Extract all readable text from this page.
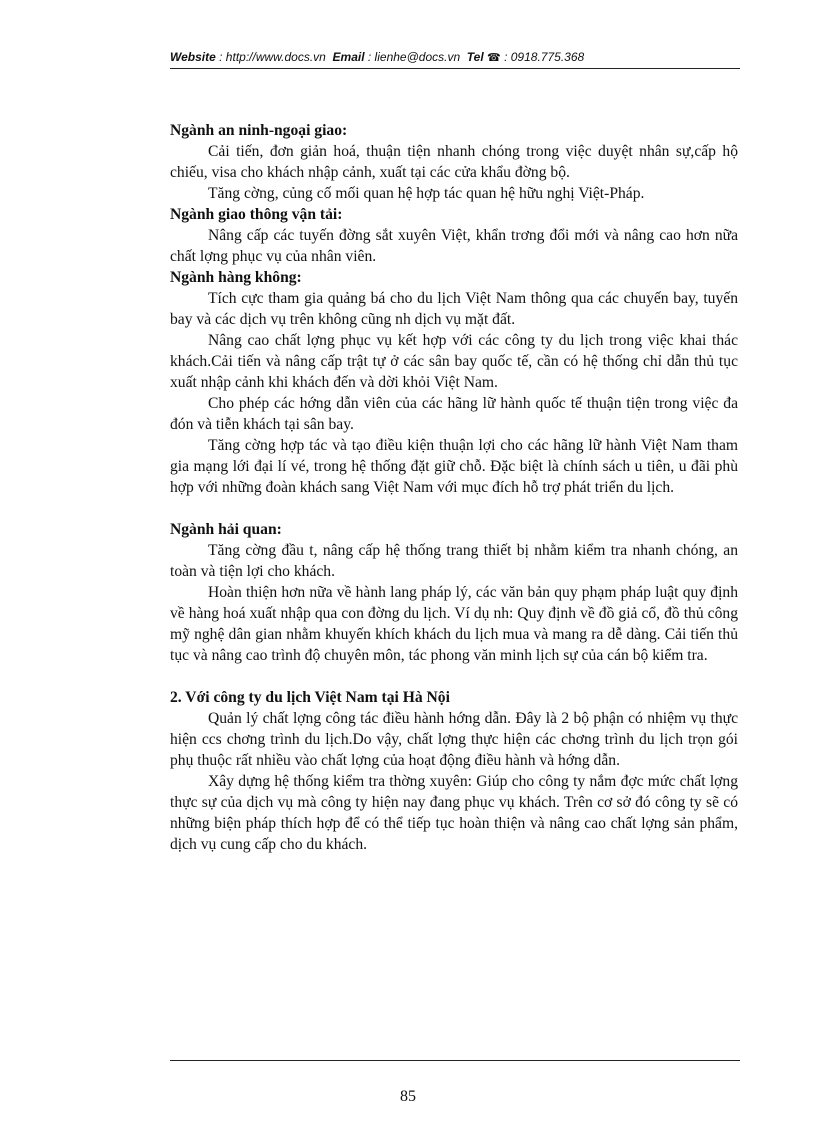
Website : http://www.docs.vn Email : lienhe@docs.vn Tel ☎ : 0918.775.368

Ngành an ninh-ngoại giao:

Cải tiến, đơn giản hoá, thuận tiện nhanh chóng trong việc duyệt nhân sự,cấp hộ chiếu, visa cho khách nhập cảnh, xuất tại các cửa khẩu đờng bộ.

Tăng cờng, củng cố mối quan hệ hợp tác quan hệ hữu nghị Việt-Pháp.

Ngành giao thông vận tải:

Nâng cấp các tuyến đờng sắt xuyên Việt, khẩn trơng đổi mới và nâng cao hơn nữa chất lợng phục vụ của nhân viên.

Ngành hàng không:

Tích cực tham gia quảng bá cho du lịch Việt Nam thông qua các chuyến bay, tuyến bay và các dịch vụ trên không cũng nh dịch vụ mặt đất.

Nâng cao chất lợng phục vụ kết hợp với các công ty du lịch trong việc khai thác khách.Cải tiến và nâng cấp trật tự ở các sân bay quốc tế, cần có hệ thống chỉ dẫn thủ tục xuất nhập cảnh khi khách đến và dời khỏi Việt Nam.

Cho phép các hớng dẫn viên của các hãng lữ hành quốc tế thuận tiện trong việc đa đón và tiễn khách tại sân bay.

Tăng cờng hợp tác và tạo điều kiện thuận lợi cho các hãng lữ hành Việt Nam tham gia mạng lới đại lí vé, trong hệ thống đặt giữ chỗ. Đặc biệt là chính sách u tiên, u đãi phù hợp với những đoàn khách sang Việt Nam với mục đích hỗ trợ phát triển du lịch.

Ngành hải quan:

Tăng cờng đầu t, nâng cấp hệ thống trang thiết bị nhằm kiểm tra nhanh chóng, an toàn và tiện lợi cho khách.

Hoàn thiện hơn nữa về hành lang pháp lý, các văn bản quy phạm pháp luật quy định về hàng hoá xuất nhập qua con đờng du lịch. Ví dụ nh: Quy định về đồ giả cổ, đồ thủ công mỹ nghệ dân gian nhằm khuyến khích khách du lịch mua và mang ra dễ dàng. Cải tiến thủ tục và nâng cao trình độ chuyên môn, tác phong văn minh lịch sự của cán bộ kiểm tra.

2. Với công ty du lịch Việt Nam tại Hà Nội

Quản lý chất lợng công tác điều hành hớng dẫn. Đây là 2 bộ phận có nhiệm vụ thực hiện ccs chơng trình du lịch.Do vậy, chất lợng thực hiện các chơng trình du lịch trọn gói phụ thuộc rất nhiều vào chất lợng của hoạt động điều hành và hớng dẫn.

Xây dựng hệ thống kiểm tra thờng xuyên: Giúp cho công ty nắm đợc mức chất lợng thực sự của dịch vụ mà công ty hiện nay đang phục vụ khách. Trên cơ sở đó công ty sẽ có những biện pháp thích hợp để có thể tiếp tục hoàn thiện và nâng cao chất lợng sản phẩm, dịch vụ cung cấp cho du khách.

85
